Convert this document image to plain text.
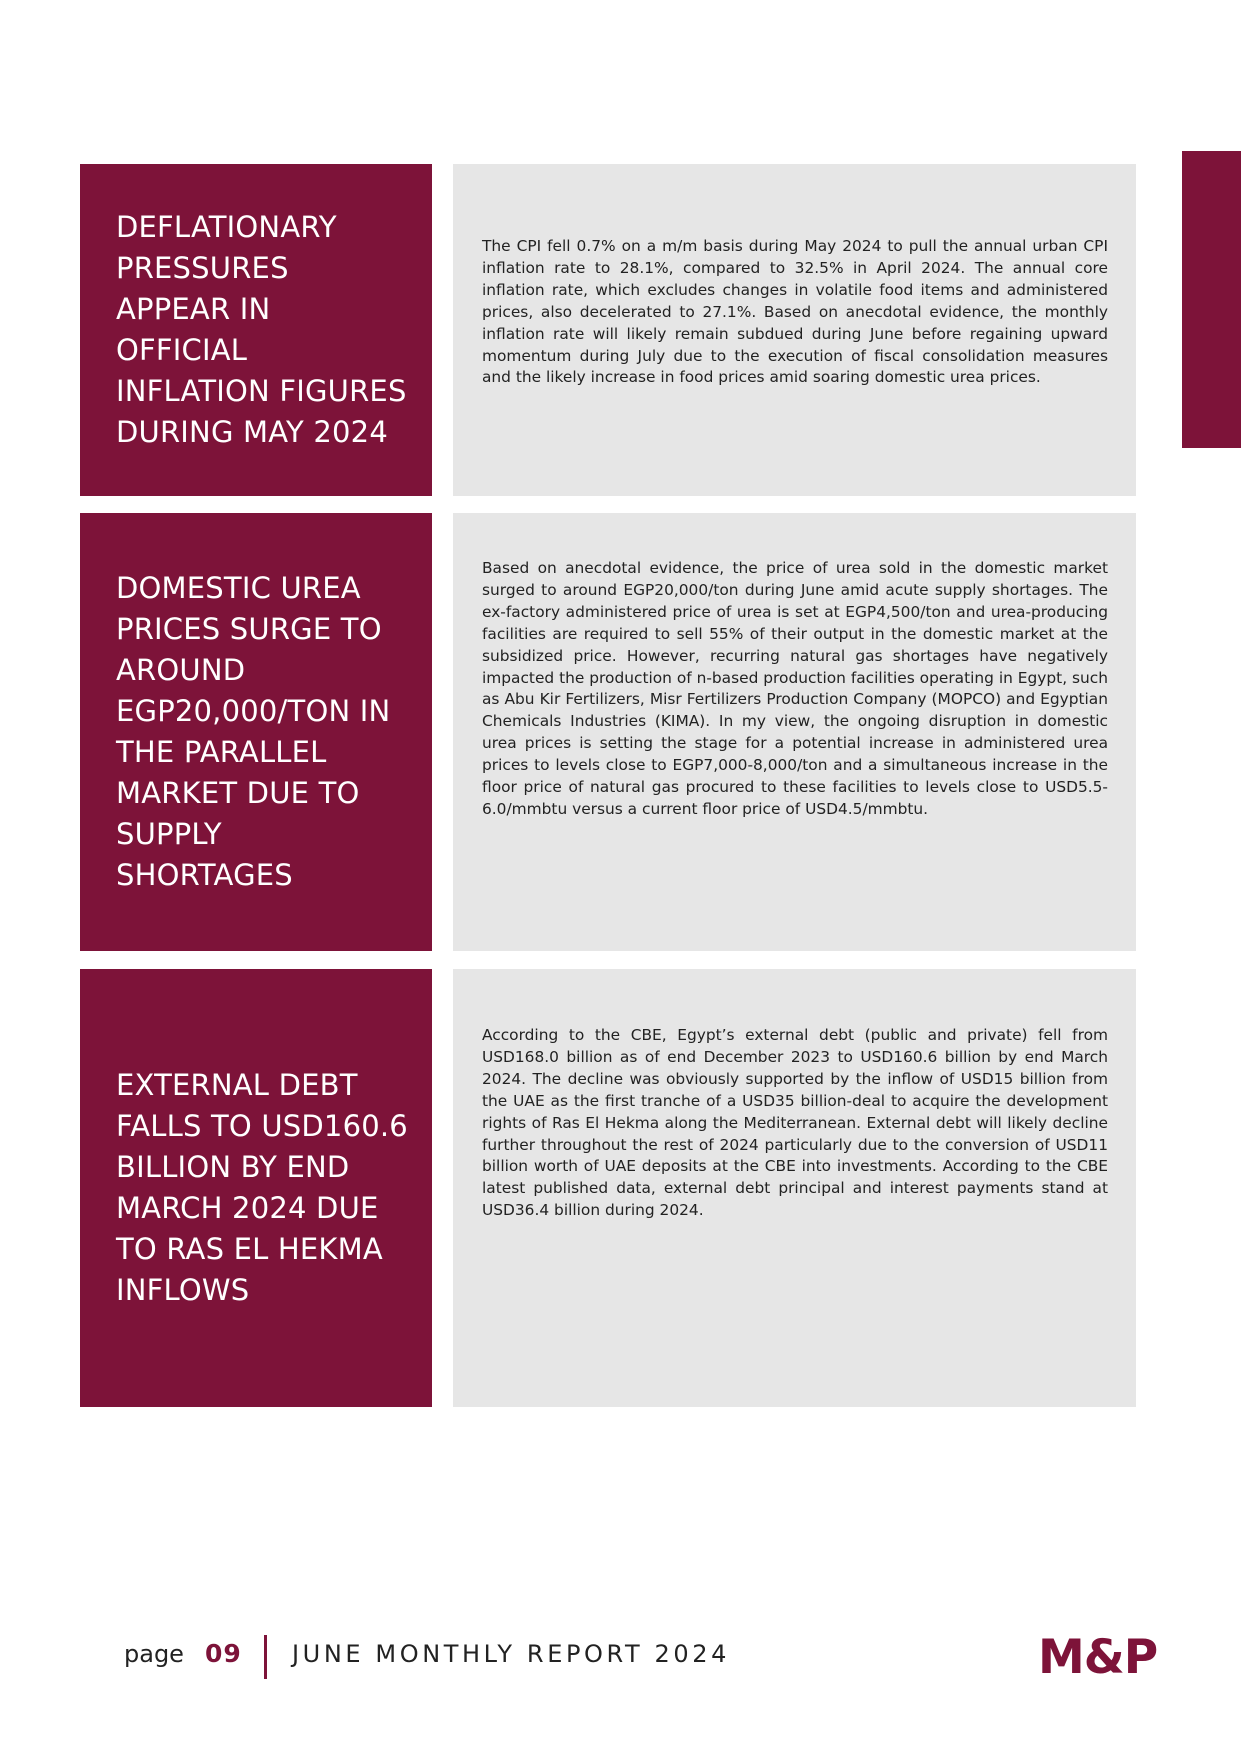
DEFLATIONARY PRESSURES APPEAR IN OFFICIAL INFLATION FIGURES DURING MAY 2024

The CPI fell 0.7% on a m/m basis during May 2024 to pull the annual urban CPI inflation rate to 28.1%, compared to 32.5% in April 2024. The annual core inflation rate, which excludes changes in volatile food items and administered prices, also decelerated to 27.1%. Based on anecdotal evidence, the monthly inflation rate will likely remain subdued during June before regaining upward momentum during July due to the execution of fiscal consolidation measures and the likely increase in food prices amid soaring domestic urea prices.

DOMESTIC UREA PRICES SURGE TO AROUND EGP20,000/TON IN THE PARALLEL MARKET DUE TO SUPPLY SHORTAGES

Based on anecdotal evidence, the price of urea sold in the domestic market surged to around EGP20,000/ton during June amid acute supply shortages. The ex-factory administered price of urea is set at EGP4,500/ton and urea-producing facilities are required to sell 55% of their output in the domestic market at the subsidized price. However, recurring natural gas shortages have negatively impacted the production of n-based production facilities operating in Egypt, such as Abu Kir Fertilizers, Misr Fertilizers Production Company (MOPCO) and Egyptian Chemicals Industries (KIMA). In my view, the ongoing disruption in domestic urea prices is setting the stage for a potential increase in administered urea prices to levels close to EGP7,000-8,000/ton and a simultaneous increase in the floor price of natural gas procured to these facilities to levels close to USD5.5-6.0/mmbtu versus a current floor price of USD4.5/mmbtu.

EXTERNAL DEBT FALLS TO USD160.6 BILLION BY END MARCH 2024 DUE TO RAS EL HEKMA INFLOWS

According to the CBE, Egypt’s external debt (public and private) fell from USD168.0 billion as of end December 2023 to USD160.6 billion by end March 2024. The decline was obviously supported by the inflow of USD15 billion from the UAE as the first tranche of a USD35 billion-deal to acquire the development rights of Ras El Hekma along the Mediterranean. External debt will likely decline further throughout the rest of 2024 particularly due to the conversion of USD11 billion worth of UAE deposits at the CBE into investments. According to the CBE latest published data, external debt principal and interest payments stand at USD36.4 billion during 2024.

page 09 JUNE MONTHLY REPORT 2024	M&P
